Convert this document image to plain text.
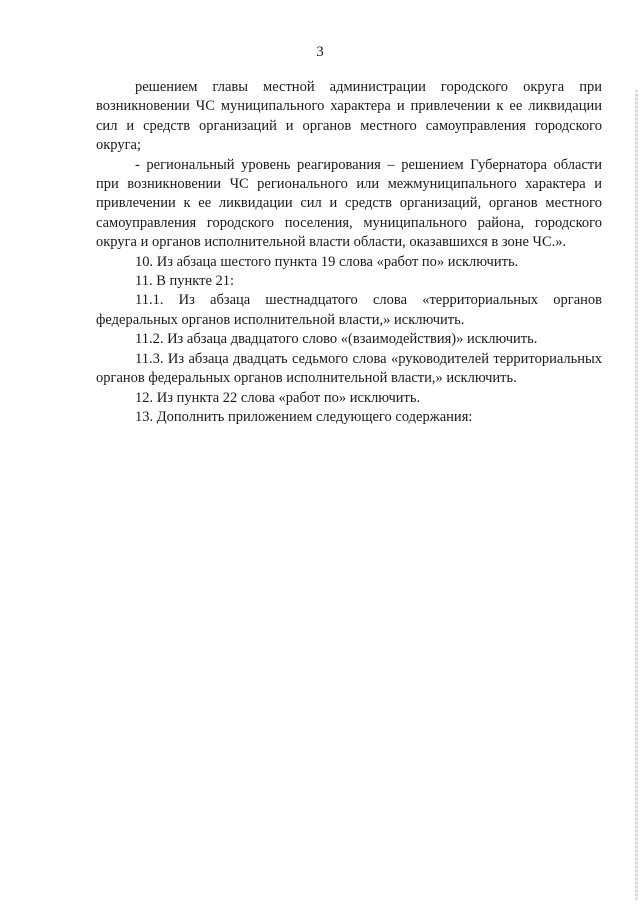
3

решением главы местной администрации городского округа при возникновении ЧС муниципального характера и привлечении к ее ликвидации сил и средств организаций и органов местного самоуправления городского округа;

- региональный уровень реагирования – решением Губернатора области при возникновении ЧС регионального или межмуниципального характера и привлечении к ее ликвидации сил и средств организаций, органов местного самоуправления городского поселения, муниципального района, городского округа и органов исполнительной власти области, оказавшихся в зоне ЧС.».

10. Из абзаца шестого пункта 19 слова «работ по» исключить.

11. В пункте 21:

11.1. Из абзаца шестнадцатого слова «территориальных органов федеральных органов исполнительной власти,» исключить.

11.2. Из абзаца двадцатого слово «(взаимодействия)» исключить.

11.3. Из абзаца двадцать седьмого слова «руководителей территориальных органов федеральных органов исполнительной власти,» исключить.

12. Из пункта 22 слова «работ по» исключить.

13. Дополнить приложением следующего содержания:
